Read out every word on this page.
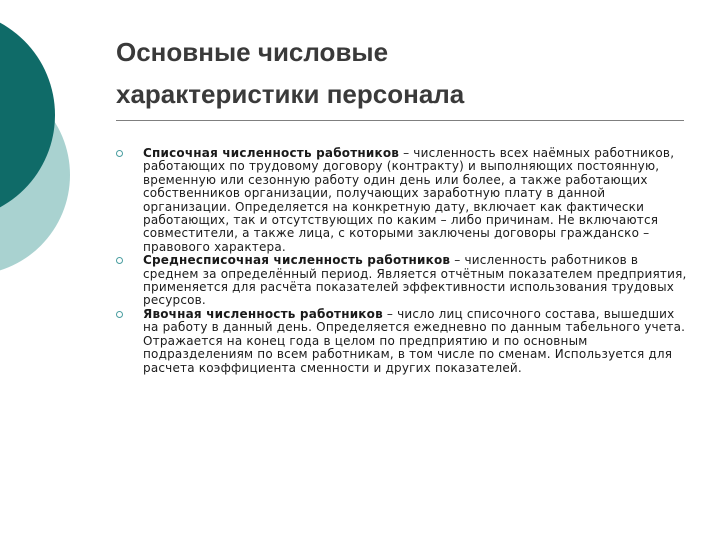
Основные числовые
характеристики персонала
Списочная численность работников – численность всех наёмных работников, работающих по трудовому договору (контракту) и выполняющих постоянную, временную или сезонную работу один день или более, а также работающих собственников организации, получающих заработную плату в данной организации. Определяется на конкретную дату, включает как фактически работающих, так и отсутствующих по каким – либо причинам. Не включаются совместители, а также лица, с которыми заключены договоры гражданско – правового характера.
Среднесписочная численность работников – численность работников в среднем за определённый период. Является отчётным показателем предприятия, применяется для расчёта показателей эффективности использования трудовых ресурсов.
Явочная численность работников – число лиц списочного состава, вышедших на работу в данный день. Определяется ежедневно по данным табельного учета. Отражается на конец года в целом по предприятию и по основным подразделениям по всем работникам, в том числе по сменам. Используется для расчета коэффициента сменности и других показателей.
